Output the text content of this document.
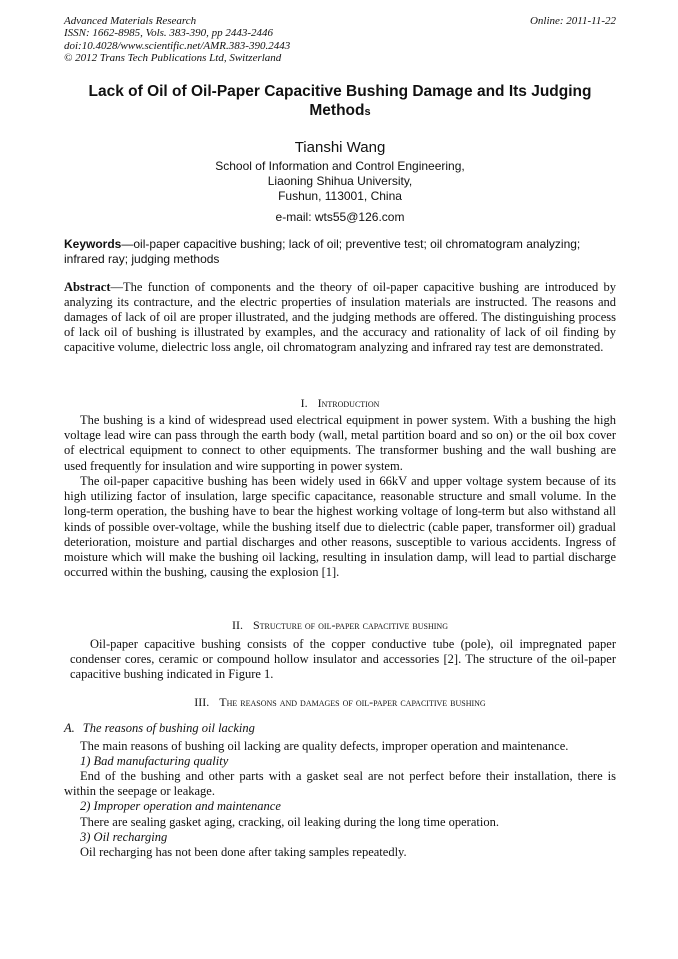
Advanced Materials Research
ISSN: 1662-8985, Vols. 383-390, pp 2443-2446
doi:10.4028/www.scientific.net/AMR.383-390.2443
© 2012 Trans Tech Publications Ltd, Switzerland
Online: 2011-11-22
Lack of Oil of Oil-Paper Capacitive Bushing Damage and Its Judging
Methods
Tianshi Wang
School of Information and Control Engineering,
Liaoning Shihua University,
Fushun, 113001, China
e-mail: wts55@126.com
Keywords—oil-paper capacitive bushing; lack of oil; preventive test; oil chromatogram analyzing; infrared ray; judging methods
Abstract—The function of components and the theory of oil-paper capacitive bushing are introduced by analyzing its contracture, and the electric properties of insulation materials are instructed. The reasons and damages of lack of oil are proper illustrated, and the judging methods are offered. The distinguishing process of lack oil of bushing is illustrated by examples, and the accuracy and rationality of lack of oil finding by capacitive volume, dielectric loss angle, oil chromatogram analyzing and infrared ray test are demonstrated.
I. Introduction

The bushing is a kind of widespread used electrical equipment in power system. With a bushing the high voltage lead wire can pass through the earth body (wall, metal partition board and so on) or the oil box cover of electrical equipment to connect to other equipments. The transformer bushing and the wall bushing are used frequently for insulation and wire supporting in power system.

The oil-paper capacitive bushing has been widely used in 66kV and upper voltage system because of its high utilizing factor of insulation, large specific capacitance, reasonable structure and small volume. In the long-term operation, the bushing have to bear the highest working voltage of long-term but also withstand all kinds of possible over-voltage, while the bushing itself due to dielectric (cable paper, transformer oil) gradual deterioration, moisture and partial discharges and other reasons, susceptible to various accidents. Ingress of moisture which will make the bushing oil lacking, resulting in insulation damp, will lead to partial discharge occurred within the bushing, causing the explosion [1].

II. Structure of oil-paper capacitive bushing

Oil-paper capacitive bushing consists of the copper conductive tube (pole), oil impregnated paper condenser cores, ceramic or compound hollow insulator and accessories [2]. The structure of the oil-paper capacitive bushing indicated in Figure 1.

III. The reasons and damages of oil-paper capacitive bushing
A. The reasons of bushing oil lacking
The main reasons of bushing oil lacking are quality defects, improper operation and maintenance.
1) Bad manufacturing quality

End of the bushing and other parts with a gasket seal are not perfect before their installation, there is within the seepage or leakage.

2) Improper operation and maintenance
There are sealing gasket aging, cracking, oil leaking during the long time operation.
3) Oil recharging
Oil recharging has not been done after taking samples repeatedly.
